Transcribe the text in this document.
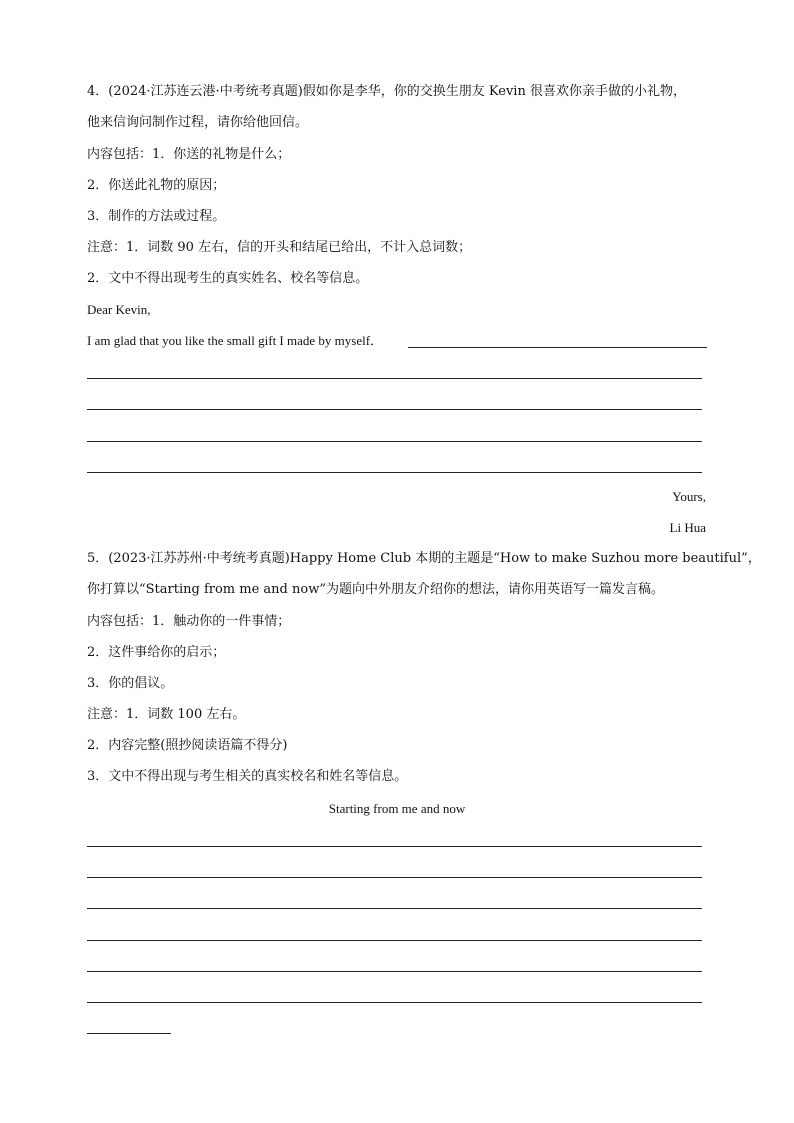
4．(2024·江苏连云港·中考统考真题)假如你是李华，你的交换生朋友 Kevin 很喜欢你亲手做的小礼物，
他来信询问制作过程，请你给他回信。
内容包括：1．你送的礼物是什么；
2．你送此礼物的原因；
3．制作的方法或过程。
注意：1．词数 90 左右，信的开头和结尾已给出，不计入总词数；
2．文中不得出现考生的真实姓名、校名等信息。
Dear Kevin,
I am glad that you like the small gift I made by myself．
Yours,
Li Hua
5．(2023·江苏苏州·中考统考真题)Happy Home Club 本期的主题是“How to make Suzhou more beautiful”，
你打算以“Starting from me and now”为题向中外朋友介绍你的想法，请你用英语写一篇发言稿。
内容包括：1．触动你的一件事情；
2．这件事给你的启示；
3．你的倡议。
注意：1．词数 100 左右。
2．内容完整(照抄阅读语篇不得分)
3．文中不得出现与考生相关的真实校名和姓名等信息。
Starting from me and now
